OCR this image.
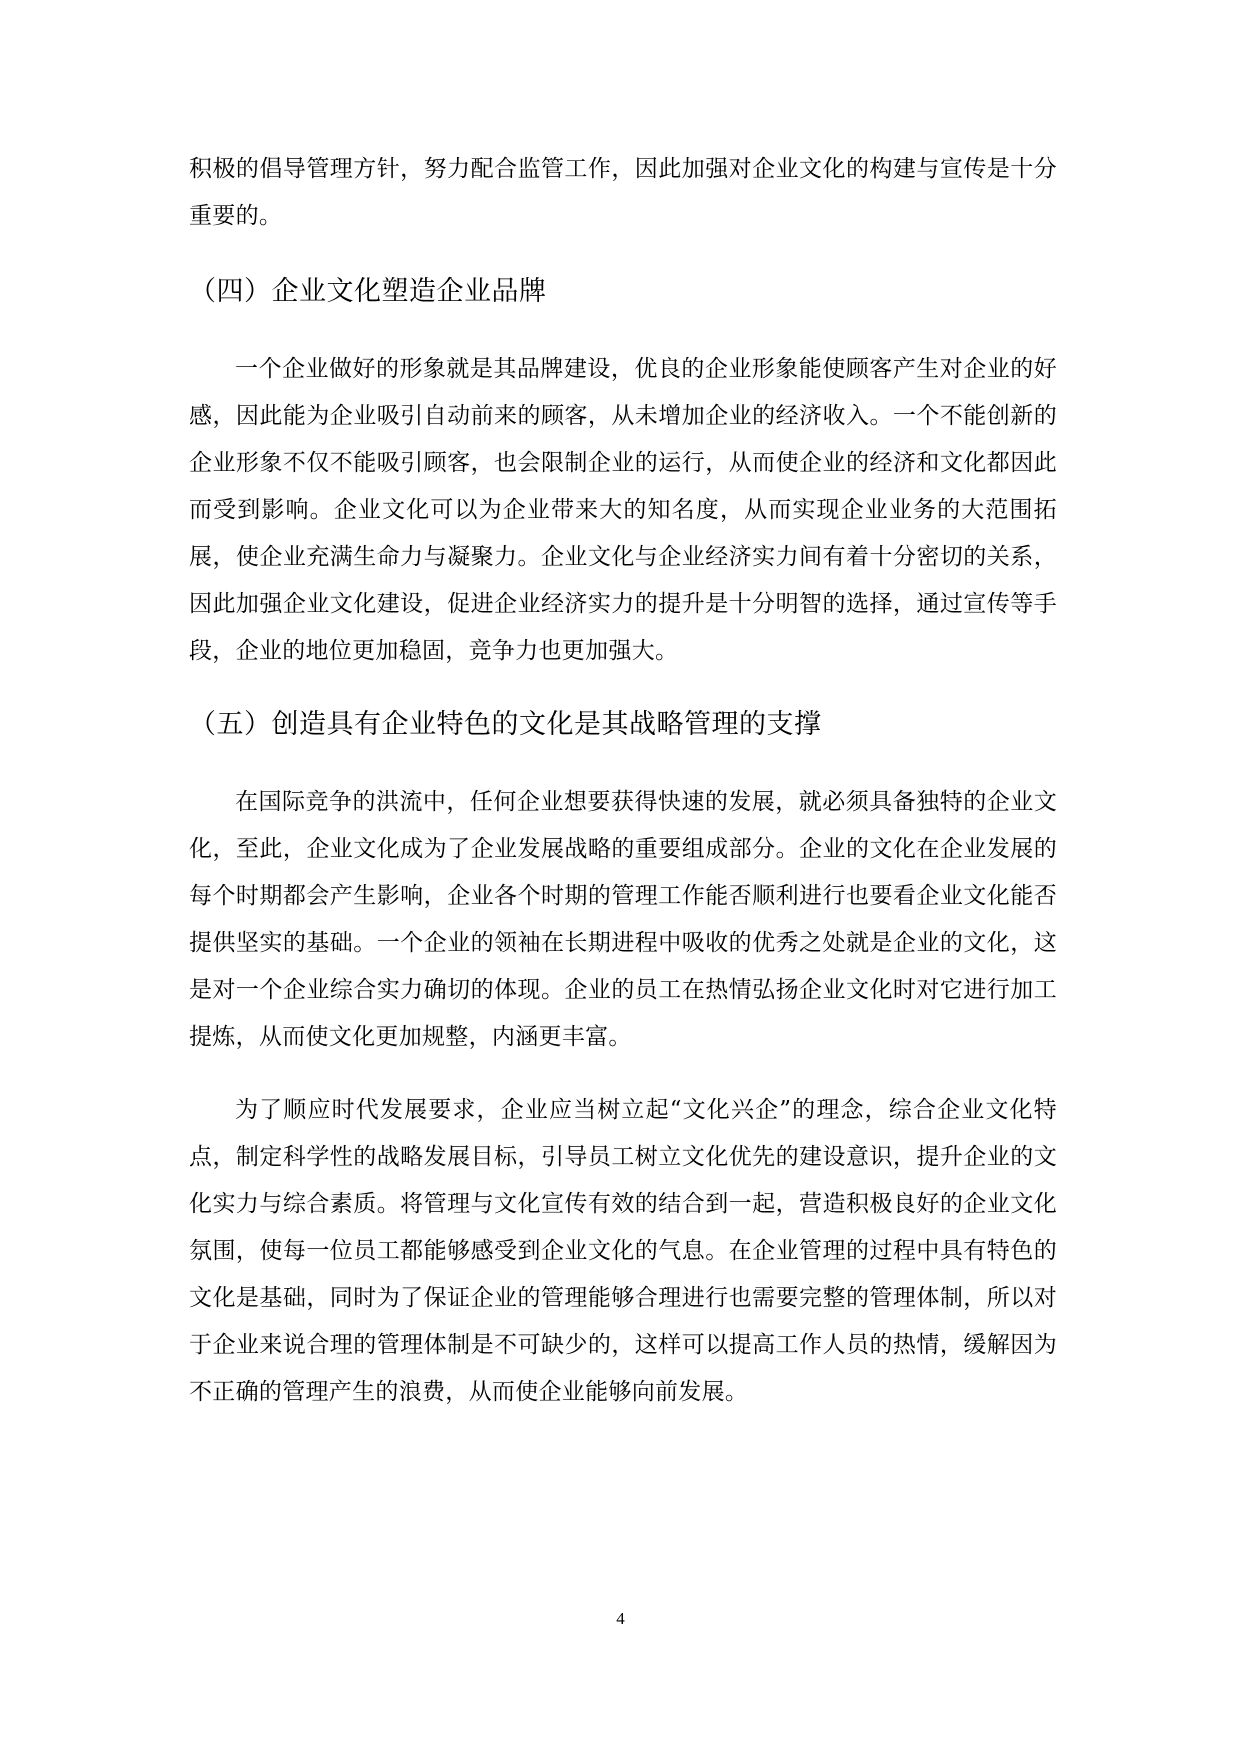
积极的倡导管理方针，努力配合监管工作，因此加强对企业文化的构建与宣传是十分重要的。

（四）企业文化塑造企业品牌

一个企业做好的形象就是其品牌建设，优良的企业形象能使顾客产生对企业的好感，因此能为企业吸引自动前来的顾客，从未增加企业的经济收入。一个不能创新的企业形象不仅不能吸引顾客，也会限制企业的运行，从而使企业的经济和文化都因此而受到影响。企业文化可以为企业带来大的知名度，从而实现企业业务的大范围拓展，使企业充满生命力与凝聚力。企业文化与企业经济实力间有着十分密切的关系，因此加强企业文化建设，促进企业经济实力的提升是十分明智的选择，通过宣传等手段，企业的地位更加稳固，竞争力也更加强大。

（五）创造具有企业特色的文化是其战略管理的支撑

在国际竞争的洪流中，任何企业想要获得快速的发展，就必须具备独特的企业文化，至此，企业文化成为了企业发展战略的重要组成部分。企业的文化在企业发展的每个时期都会产生影响，企业各个时期的管理工作能否顺利进行也要看企业文化能否提供坚实的基础。一个企业的领袖在长期进程中吸收的优秀之处就是企业的文化，这是对一个企业综合实力确切的体现。企业的员工在热情弘扬企业文化时对它进行加工提炼，从而使文化更加规整，内涵更丰富。

为了顺应时代发展要求，企业应当树立起“文化兴企”的理念，综合企业文化特点，制定科学性的战略发展目标，引导员工树立文化优先的建设意识，提升企业的文化实力与综合素质。将管理与文化宣传有效的结合到一起，营造积极良好的企业文化氛围，使每一位员工都能够感受到企业文化的气息。在企业管理的过程中具有特色的文化是基础，同时为了保证企业的管理能够合理进行也需要完整的管理体制，所以对于企业来说合理的管理体制是不可缺少的，这样可以提高工作人员的热情，缓解因为不正确的管理产生的浪费，从而使企业能够向前发展。

4
